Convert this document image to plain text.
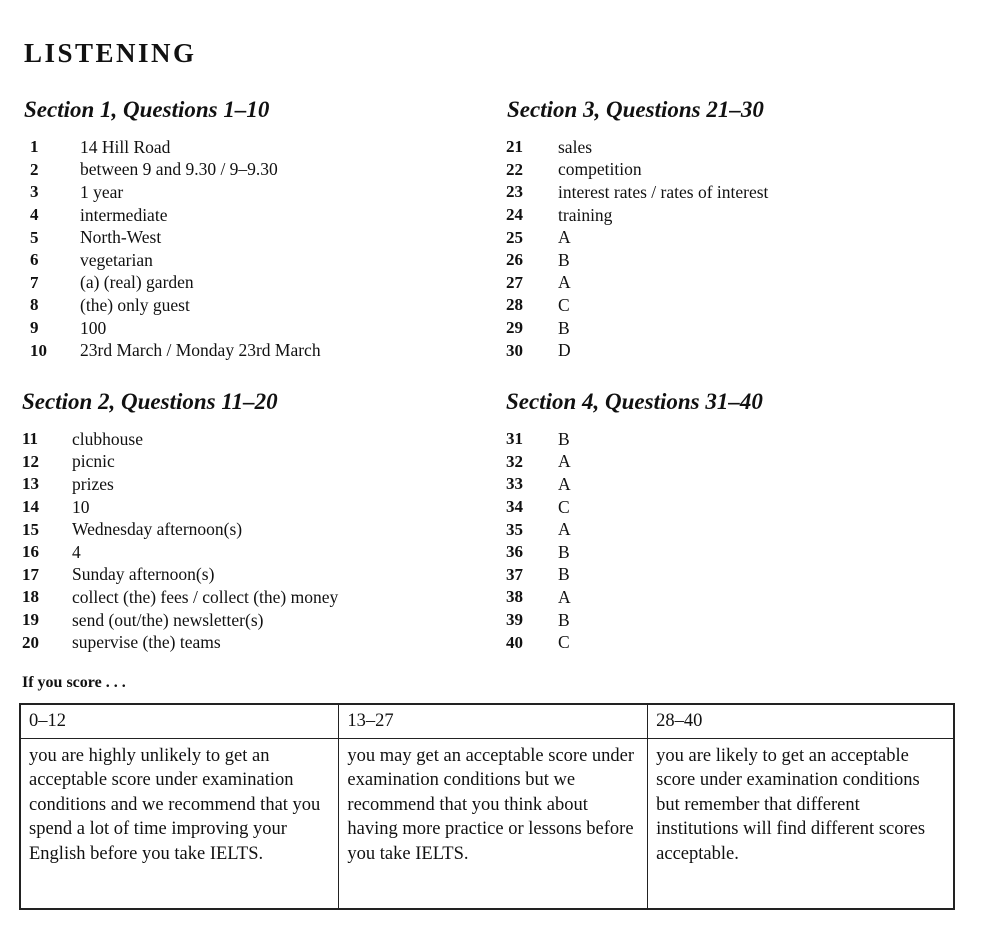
LISTENING
Section 1, Questions 1–10
1	14 Hill Road
2	between 9 and 9.30 / 9–9.30
3	1 year
4	intermediate
5	North-West
6	vegetarian
7	(a) (real) garden
8	(the) only guest
9	100
10	23rd March / Monday 23rd March
Section 3, Questions 21–30
21	sales
22	competition
23	interest rates / rates of interest
24	training
25	A
26	B
27	A
28	C
29	B
30	D
Section 2, Questions 11–20
11	clubhouse
12	picnic
13	prizes
14	10
15	Wednesday afternoon(s)
16	4
17	Sunday afternoon(s)
18	collect (the) fees / collect (the) money
19	send (out/the) newsletter(s)
20	supervise (the) teams
Section 4, Questions 31–40
31	B
32	A
33	A
34	C
35	A
36	B
37	B
38	A
39	B
40	C
If you score . . .
0–12	13–27	28–40
you are highly unlikely to get an acceptable score under examination conditions and we recommend that you spend a lot of time improving your English before you take IELTS.	you may get an acceptable score under examination conditions but we recommend that you think about having more practice or lessons before you take IELTS.	you are likely to get an acceptable score under examination conditions but remember that different institutions will find different scores acceptable.
